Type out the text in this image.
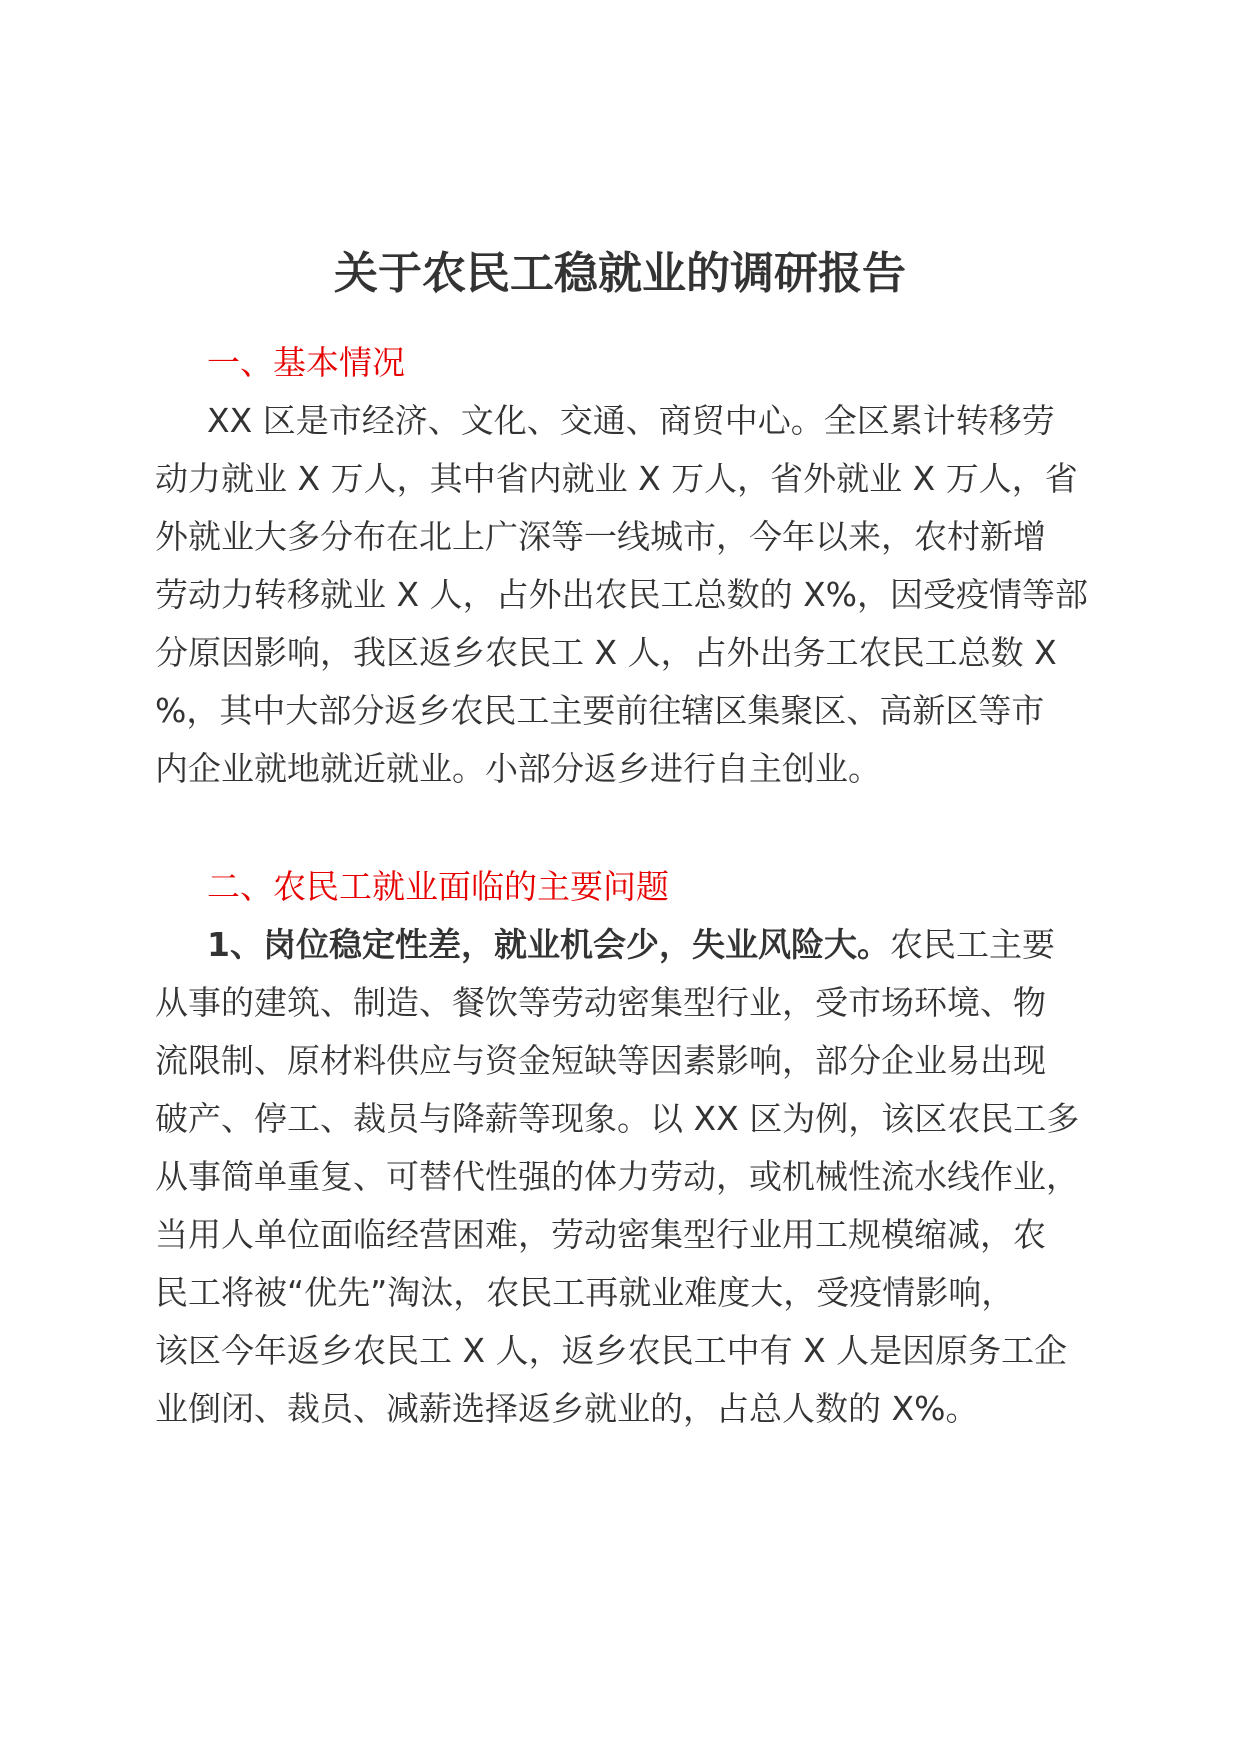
关于农民工稳就业的调研报告
一、基本情况
XX 区是市经济、文化、交通、商贸中心。全区累计转移劳
动力就业 X 万人，其中省内就业 X 万人，省外就业 X 万人，省
外就业大多分布在北上广深等一线城市，今年以来，农村新增
劳动力转移就业 X 人，占外出农民工总数的 X%，因受疫情等部
分原因影响，我区返乡农民工 X 人，占外出务工农民工总数 X
%，其中大部分返乡农民工主要前往辖区集聚区、高新区等市
内企业就地就近就业。小部分返乡进行自主创业。
二、农民工就业面临的主要问题
1、岗位稳定性差，就业机会少，失业风险大。农民工主要
从事的建筑、制造、餐饮等劳动密集型行业，受市场环境、物
流限制、原材料供应与资金短缺等因素影响，部分企业易出现
破产、停工、裁员与降薪等现象。以 XX 区为例，该区农民工多
从事简单重复、可替代性强的体力劳动，或机械性流水线作业，
当用人单位面临经营困难，劳动密集型行业用工规模缩减，农
民工将被“优先”淘汰，农民工再就业难度大，受疫情影响，
该区今年返乡农民工 X 人，返乡农民工中有 X 人是因原务工企
业倒闭、裁员、减薪选择返乡就业的，占总人数的 X%。
